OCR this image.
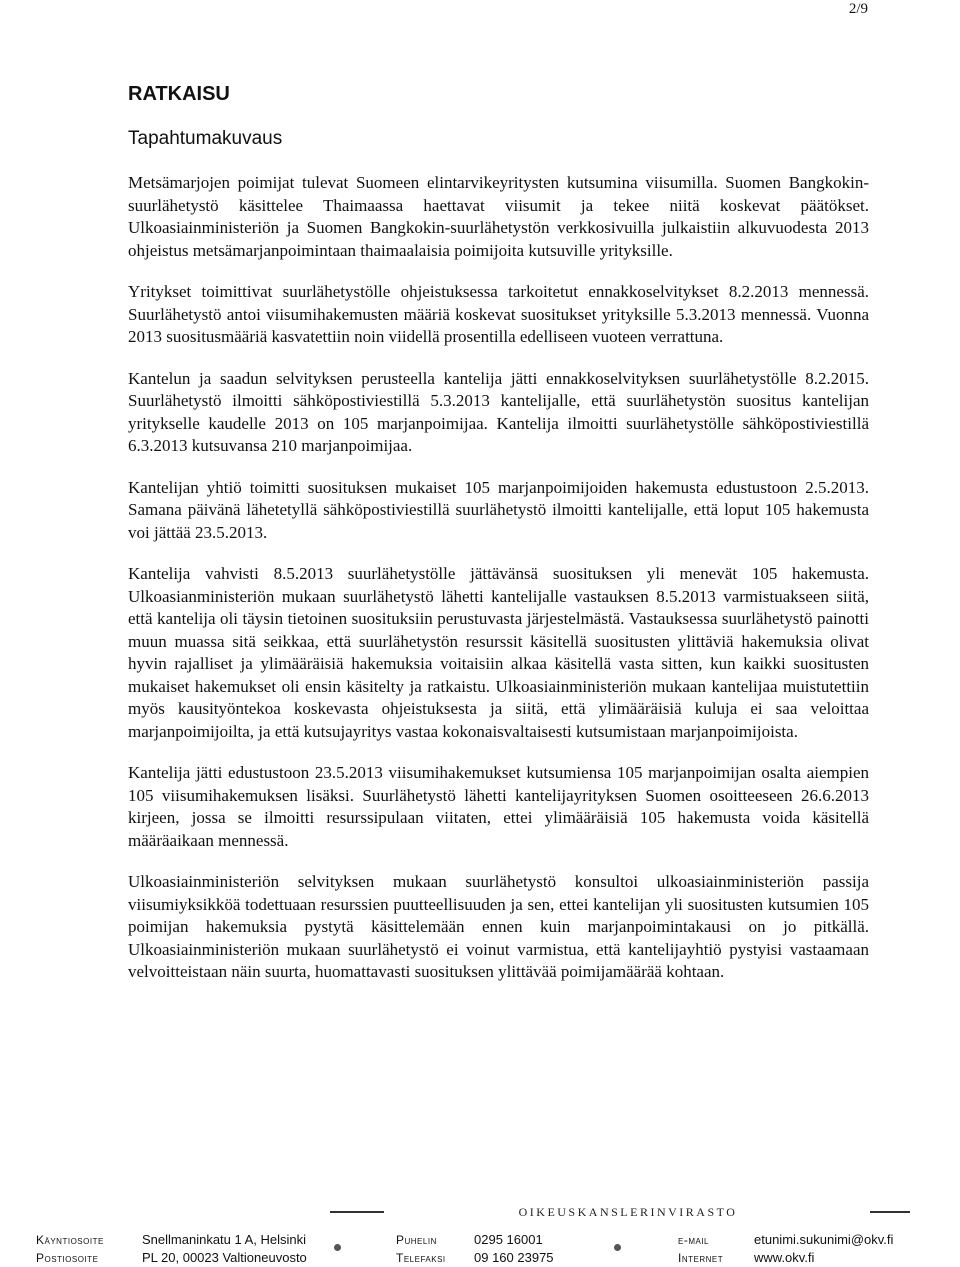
2/9
RATKAISU
Tapahtumakuvaus

Metsämarjojen poimijat tulevat Suomeen elintarvikeyritysten kutsumina viisumilla. Suomen Bangkokin-suurlähetystö käsittelee Thaimaassa haettavat viisumit ja tekee niitä koskevat päätökset. Ulkoasiainministeriön ja Suomen Bangkokin-suurlähetystön verkkosivuilla julkaistiin alkuvuodesta 2013 ohjeistus metsämarjanpoimintaan thaimaalaisia poimijoita kutsuville yrityksille.

Yritykset toimittivat suurlähetystölle ohjeistuksessa tarkoitetut ennakkoselvitykset 8.2.2013 mennessä. Suurlähetystö antoi viisumihakemusten määriä koskevat suositukset yrityksille 5.3.2013 mennessä. Vuonna 2013 suositusmääriä kasvatettiin noin viidellä prosentilla edelliseen vuoteen verrattuna.

Kantelun ja saadun selvityksen perusteella kantelija jätti ennakkoselvityksen suurlähetystölle 8.2.2015. Suurlähetystö ilmoitti sähköpostiviestillä 5.3.2013 kantelijalle, että suurlähetystön suositus kantelijan yritykselle kaudelle 2013 on 105 marjanpoimijaa. Kantelija ilmoitti suurlähetystölle sähköpostiviestillä 6.3.2013 kutsuvansa 210 marjanpoimijaa.

Kantelijan yhtiö toimitti suosituksen mukaiset 105 marjanpoimijoiden hakemusta edustustoon 2.5.2013. Samana päivänä lähetetyllä sähköpostiviestillä suurlähetystö ilmoitti kantelijalle, että loput 105 hakemusta voi jättää 23.5.2013.

Kantelija vahvisti 8.5.2013 suurlähetystölle jättävänsä suosituksen yli menevät 105 hakemusta. Ulkoasianministeriön mukaan suurlähetystö lähetti kantelijalle vastauksen 8.5.2013 varmistuakseen siitä, että kantelija oli täysin tietoinen suosituksiin perustuvasta järjestelmästä. Vastauksessa suurlähetystö painotti muun muassa sitä seikkaa, että suurlähetystön resurssit käsitellä suositusten ylittäviä hakemuksia olivat hyvin rajalliset ja ylimääräisiä hakemuksia voitaisiin alkaa käsitellä vasta sitten, kun kaikki suositusten mukaiset hakemukset oli ensin käsitelty ja ratkaistu. Ulkoasiainministeriön mukaan kantelijaa muistutettiin myös kausityöntekoa koskevasta ohjeistuksesta ja siitä, että ylimääräisiä kuluja ei saa veloittaa marjanpoimijoilta, ja että kutsujayritys vastaa kokonaisvaltaisesti kutsumistaan marjanpoimijoista.

Kantelija jätti edustustoon 23.5.2013 viisumihakemukset kutsumiensa 105 marjanpoimijan osalta aiempien 105 viisumihakemuksen lisäksi. Suurlähetystö lähetti kantelijayrityksen Suomen osoitteeseen 26.6.2013 kirjeen, jossa se ilmoitti resurssipulaan viitaten, ettei ylimääräisiä 105 hakemusta voida käsitellä määräaikaan mennessä.

Ulkoasiainministeriön selvityksen mukaan suurlähetystö konsultoi ulkoasiainministeriön passija viisumiyksikköä todettuaan resurssien puutteellisuuden ja sen, ettei kantelijan yli suositusten kutsumien 105 poimijan hakemuksia pystytä käsittelemään ennen kuin marjanpoimintakausi on jo pitkällä. Ulkoasiainministeriön mukaan suurlähetystö ei voinut varmistua, että kantelijayhtiö pystyisi vastaamaan velvoitteistaan näin suurta, huomattavasti suosituksen ylittävää poimijamäärää kohtaan.

OIKEUSKANSLERINVIRASTO
Käyntiosoite	Snellmaninkatu 1 A, Helsinki	Puhelin	0295 16001	e-mail	etunimi.sukunimi@okv.fi
Postiosoite	PL 20, 00023 Valtioneuvosto	Telefaksi 09 160 23975	Internet www.okv.fi
